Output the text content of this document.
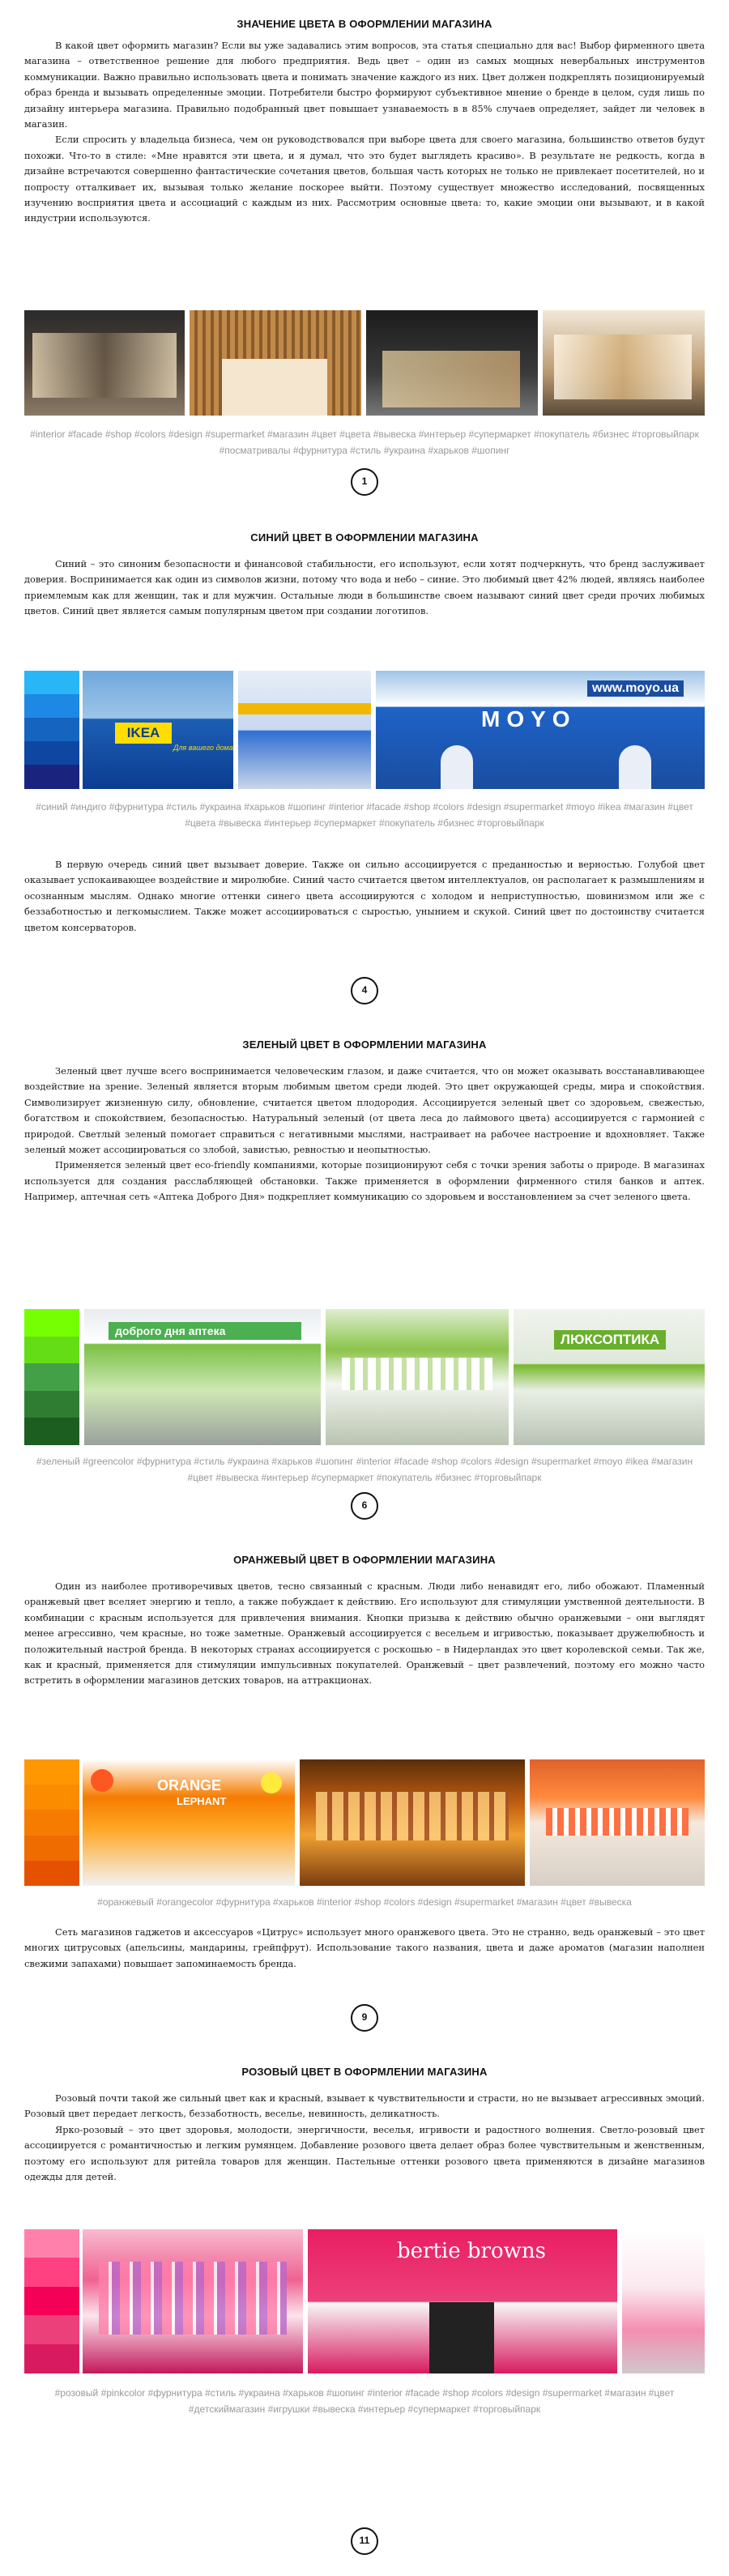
ЗНАЧЕНИЕ ЦВЕТА В ОФОРМЛЕНИИ МАГАЗИНА

В какой цвет оформить магазин? Если вы уже задавались этим вопросов, эта статья специально для вас! Выбор фирменного цвета магазина – ответственное решение для любого предприятия. Ведь цвет – один из самых мощных невербальных инструментов коммуникации. Важно правильно использовать цвета и понимать значение каждого из них. Цвет должен подкреплять позиционируемый образ бренда и вызывать определенные эмоции. Потребители быстро формируют субъективное мнение о бренде в целом, судя лишь по дизайну интерьера магазина. Правильно подобранный цвет повышает узнаваемость в в 85% случаев определяет, зайдет ли человек в магазин.

Если спросить у владельца бизнеса, чем он руководствовался при выборе цвета для своего магазина, большинство ответов будут похожи. Что-то в стиле: «Мне нравятся эти цвета, и я думал, что это будет выглядеть красиво». В результате не редкость, когда в дизайне встречаются совершенно фантастические сочетания цветов, большая часть которых не только не привлекает посетителей, но и попросту отталкивает их, вызывая только желание поскорее выйти. Поэтому существует множество исследований, посвященных изучению восприятия цвета и ассоциаций с каждым из них. Рассмотрим основные цвета: то, какие эмоции они вызывают, и в какой индустрии используются.

#interior #facade #shop #colors #design #supermarket #магазин #цвет #цвета #вывеска #интерьер #супермаркет #покупатель #бизнес #торговыйпарк #посматривалы #фурнитура #стиль #украина #харьков #шопинг
1
СИНИЙ ЦВЕТ В ОФОРМЛЕНИИ МАГАЗИНА

Синий – это синоним безопасности и финансовой стабильности, его используют, если хотят подчеркнуть, что бренд заслуживает доверия. Воспринимается как один из символов жизни, потому что вода и небо – синие. Это любимый цвет 42% людей, являясь наиболее приемлемым как для женщин, так и для мужчин. Остальные люди в большинстве своем называют синий цвет среди прочих любимых цветов. Синий цвет является самым популярным цветом при создании логотипов.

IKEA
Для вашего дома
www.moyo.ua
MOYO
#синий #индиго #фурнитура #стиль #украина #харьков #шопинг #interior #facade #shop #colors #design #supermarket #moyo #ikea #магазин #цвет #цвета #вывеска #интерьер #супермаркет #покупатель #бизнес #торговыйпарк

В первую очередь синий цвет вызывает доверие. Также он сильно ассоциируется с преданностью и верностью. Голубой цвет оказывает успокаивающее воздействие и миролюбие. Синий часто считается цветом интеллектуалов, он располагает к размышлениям и осознанным мыслям. Однако многие оттенки синего цвета ассоциируются с холодом и неприступностью, шовинизмом или же с беззаботностью и легкомыслием. Также может ассоциироваться с сыростью, унынием и скукой. Синий цвет по достоинству считается цветом консерваторов.

4
ЗЕЛЕНЫЙ ЦВЕТ В ОФОРМЛЕНИИ МАГАЗИНА

Зеленый цвет лучше всего воспринимается человеческим глазом, и даже считается, что он может оказывать восстанавливающее воздействие на зрение. Зеленый является вторым любимым цветом среди людей. Это цвет окружающей среды, мира и спокойствия. Символизирует жизненную силу, обновление, считается цветом плодородия. Ассоциируется зеленый цвет со здоровьем, свежестью, богатством и спокойствием, безопасностью. Натуральный зеленый (от цвета леса до лаймового цвета) ассоциируется с гармонией с природой. Светлый зеленый помогает справиться с негативными мыслями, настраивает на рабочее настроение и вдохновляет. Также зеленый может ассоциироваться со злобой, завистью, ревностью и неопытностью.

Применяется зеленый цвет eco-friendly компаниями, которые позиционируют себя с точки зрения заботы о природе. В магазинах используется для создания расслабляющей обстановки. Также применяется в оформлении фирменного стиля банков и аптек. Например, аптечная сеть «Аптека Доброго Дня» подкрепляет коммуникацию со здоровьем и восстановлением за счет зеленого цвета.

доброго дня аптека
ЛЮКСОПТИКА
#зеленый #greencolor #фурнитура #стиль #украина #харьков #шопинг #interior #facade #shop #colors #design #supermarket #moyo #ikea #магазин #цвет #вывеска #интерьер #супермаркет #покупатель #бизнес #торговыйпарк
6
ОРАНЖЕВЫЙ ЦВЕТ В ОФОРМЛЕНИИ МАГАЗИНА

Один из наиболее противоречивых цветов, тесно связанный с красным. Люди либо ненавидят его, либо обожают. Пламенный оранжевый цвет вселяет энергию и тепло, а также побуждает к действию. Его используют для стимуляции умственной деятельности. В комбинации с красным используется для привлечения внимания. Кнопки призыва к действию обычно оранжевыми – они выглядят менее агрессивно, чем красные, но тоже заметные. Оранжевый ассоциируется с весельем и игривостью, показывает дружелюбность и положительный настрой бренда. В некоторых странах ассоциируется с роскошью – в Нидерландах это цвет королевской семьи. Так же, как и красный, применяется для стимуляции импульсивных покупателей. Оранжевый – цвет развлечений, поэтому его можно часто встретить в оформлении магазинов детских товаров, на аттракционах.

ORANGE
LEPHANT
#оранжевый #orangecolor #фурнитура #харьков #interior #shop #colors #design #supermarket #магазин #цвет #вывеска

Сеть магазинов гаджетов и аксессуаров «Цитрус» использует много оранжевого цвета. Это не странно, ведь оранжевый – это цвет многих цитрусовых (апельсины, мандарины, грейпфрут). Использование такого названия, цвета и даже ароматов (магазин наполнен свежими запахами) повышает запоминаемость бренда.

9
РОЗОВЫЙ ЦВЕТ В ОФОРМЛЕНИИ МАГАЗИНА

Розовый почти такой же сильный цвет как и красный, взывает к чувствительности и страсти, но не вызывает агрессивных эмоций. Розовый цвет передает легкость, беззаботность, веселье, невинность, деликатность.

Ярко-розовый – это цвет здоровья, молодости, энергичности, веселья, игривости и радостного волнения. Светло-розовый цвет ассоциируется с романтичностью и легким румянцем. Добавление розового цвета делает образ более чувствительным и женственным, поэтому его используют для ритейла товаров для женщин. Пастельные оттенки розового цвета применяются в дизайне магазинов одежды для детей.

bertie browns
#розовый #pinkcolor #фурнитура #стиль #украина #харьков #шопинг #interior #facade #shop #colors #design #supermarket #магазин #цвет #детскиймагазин #игрушки #вывеска #интерьер #супермаркет #торговыйпарк
11
